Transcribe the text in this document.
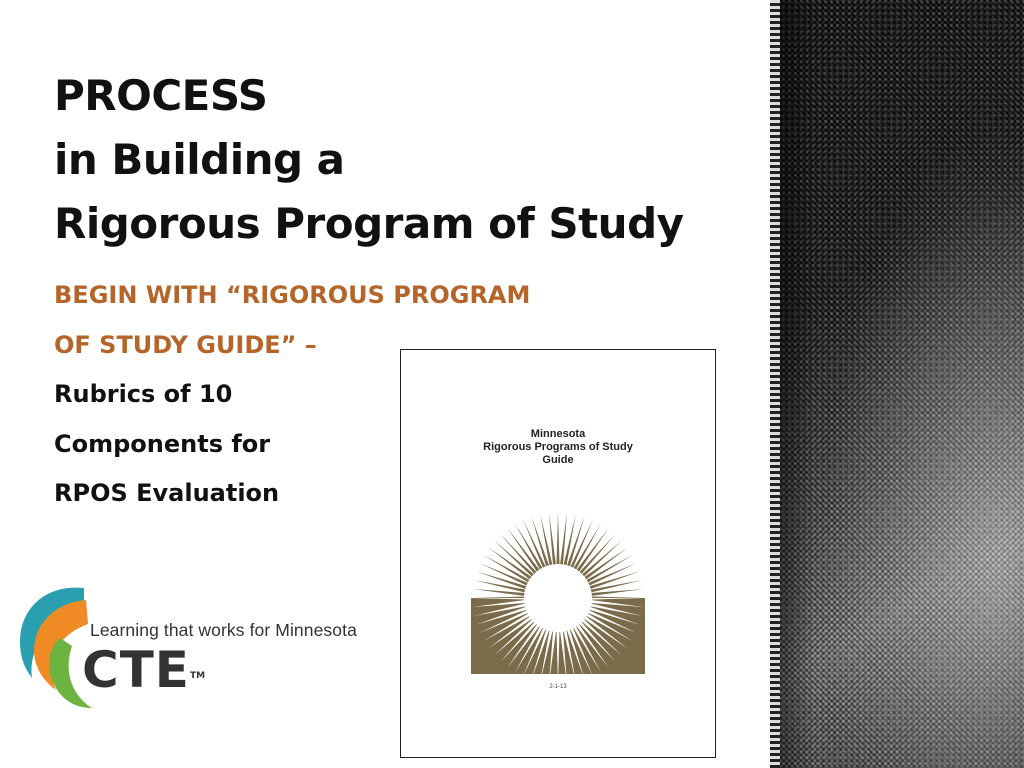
PROCESS
in Building a
Rigorous Program of Study
BEGIN WITH “RIGOROUS PROGRAM
OF STUDY GUIDE” –
Rubrics of 10
Components for
RPOS Evaluation
Learning that works for Minnesota
CTE™
Minnesota
Rigorous Programs of Study
Guide
2-1-13
